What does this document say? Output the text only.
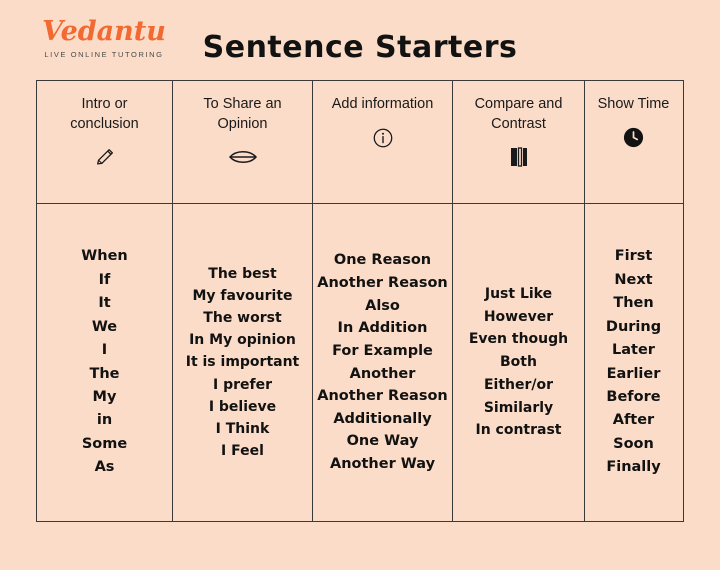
Vedantu
LIVE ONLINE TUTORING	Sentence Starters
Intro or conclusion
To Share an Opinion
Add information	Compare and Contrast
Show Time
When
If
It
We
I
The
My
in
Some
As
The best
My favourite
The worst
In My opinion
It is important
I prefer
I believe
I Think
I Feel
One Reason
Another Reason
Also
In Addition
For Example
Another
Another Reason
Additionally
One Way
Another Way
Just Like
However
Even though
Both
Either/or
Similarly
In contrast
First
Next
Then
During
Later
Earlier
Before
After
Soon
Finally
